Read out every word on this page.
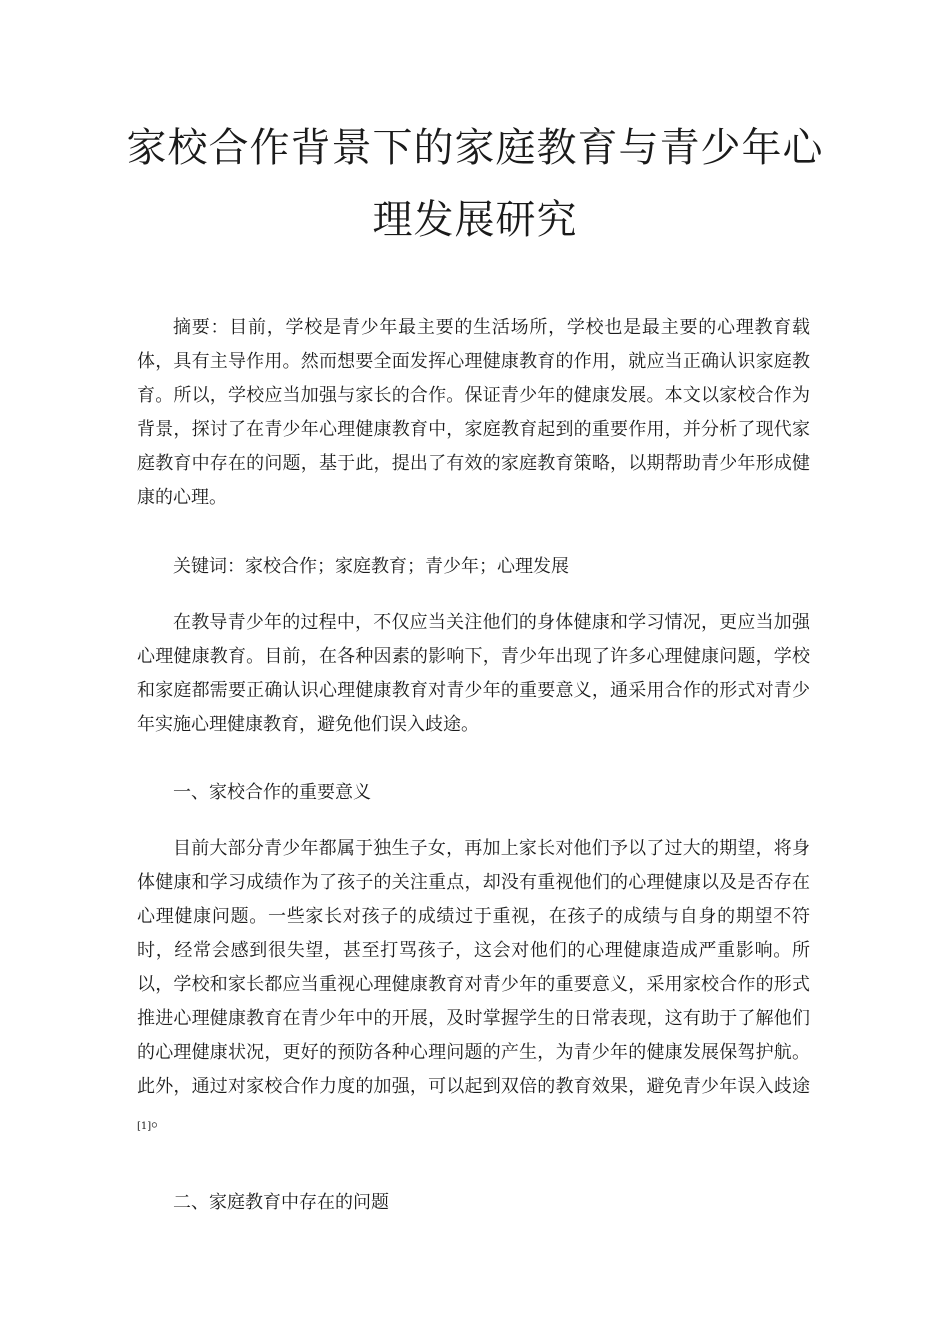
家校合作背景下的家庭教育与青少年心
理发展研究

摘要：目前，学校是青少年最主要的生活场所，学校也是最主要的心理教育载体，具有主导作用。然而想要全面发挥心理健康教育的作用，就应当正确认识家庭教育。所以，学校应当加强与家长的合作。保证青少年的健康发展。本文以家校合作为背景，探讨了在青少年心理健康教育中，家庭教育起到的重要作用，并分析了现代家庭教育中存在的问题，基于此，提出了有效的家庭教育策略，以期帮助青少年形成健康的心理。

关键词：家校合作；家庭教育；青少年；心理发展

在教导青少年的过程中，不仅应当关注他们的身体健康和学习情况，更应当加强心理健康教育。目前，在各种因素的影响下，青少年出现了许多心理健康问题，学校和家庭都需要正确认识心理健康教育对青少年的重要意义，通采用合作的形式对青少年实施心理健康教育，避免他们误入歧途。

一、家校合作的重要意义

目前大部分青少年都属于独生子女，再加上家长对他们予以了过大的期望，将身体健康和学习成绩作为了孩子的关注重点，却没有重视他们的心理健康以及是否存在心理健康问题。一些家长对孩子的成绩过于重视，在孩子的成绩与自身的期望不符时，经常会感到很失望，甚至打骂孩子，这会对他们的心理健康造成严重影响。所以，学校和家长都应当重视心理健康教育对青少年的重要意义，采用家校合作的形式推进心理健康教育在青少年中的开展，及时掌握学生的日常表现，这有助于了解他们的心理健康状况，更好的预防各种心理问题的产生，为青少年的健康发展保驾护航。此外，通过对家校合作力度的加强，可以起到双倍的教育效果，避免青少年误入歧途[1]。

二、家庭教育中存在的问题
